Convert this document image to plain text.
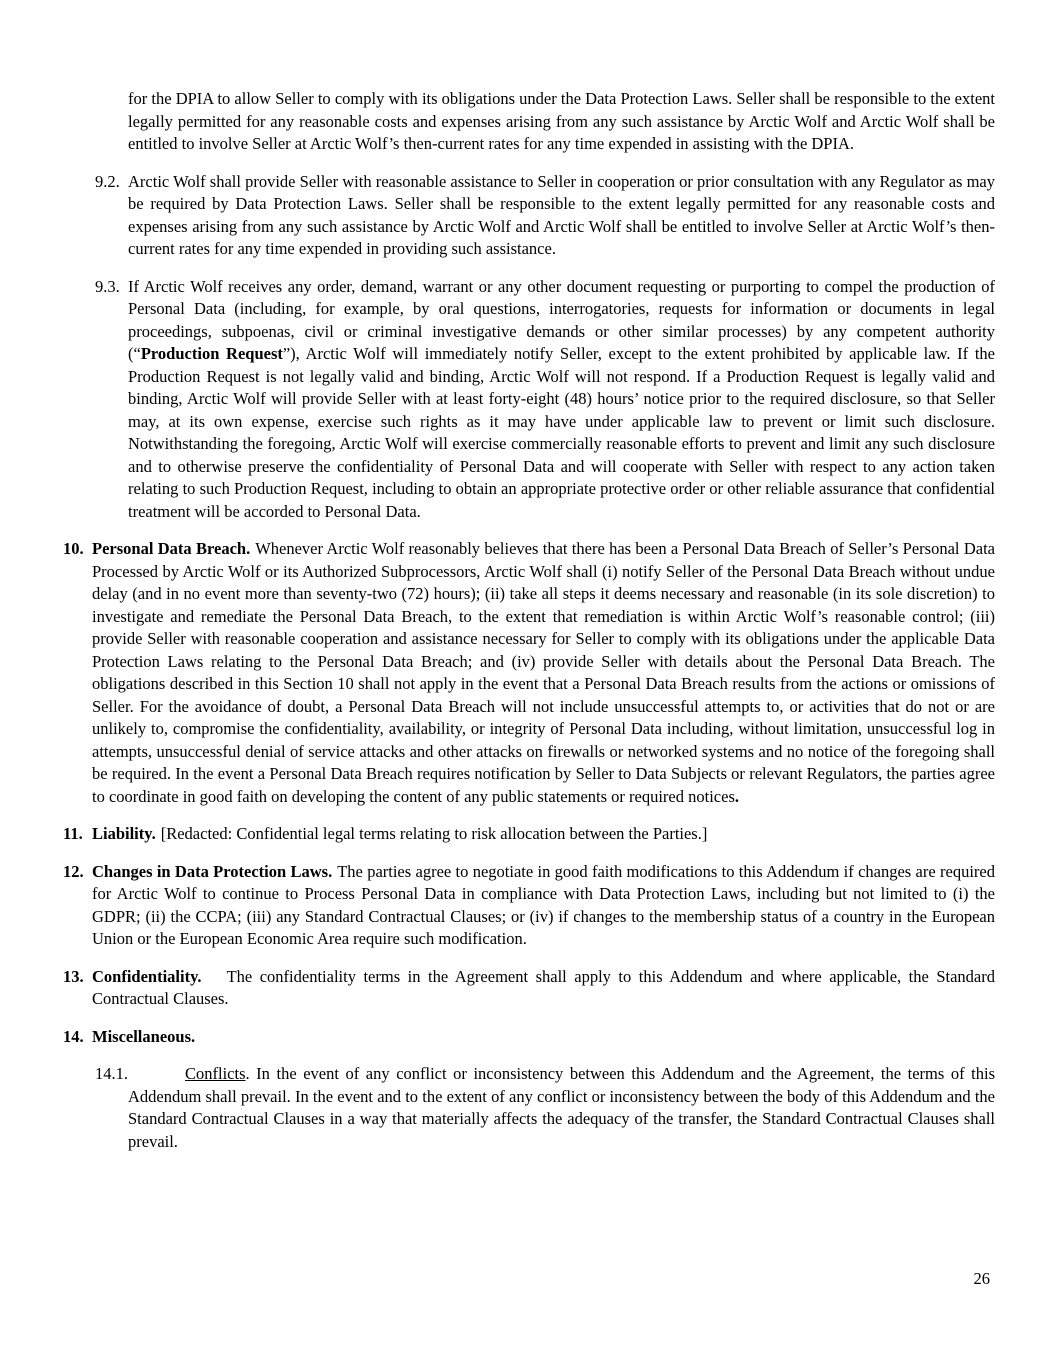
for the DPIA to allow Seller to comply with its obligations under the Data Protection Laws. Seller shall be responsible to the extent legally permitted for any reasonable costs and expenses arising from any such assistance by Arctic Wolf and Arctic Wolf shall be entitled to involve Seller at Arctic Wolf’s then-current rates for any time expended in assisting with the DPIA.

9.2. Arctic Wolf shall provide Seller with reasonable assistance to Seller in cooperation or prior consultation with any Regulator as may be required by Data Protection Laws. Seller shall be responsible to the extent legally permitted for any reasonable costs and expenses arising from any such assistance by Arctic Wolf and Arctic Wolf shall be entitled to involve Seller at Arctic Wolf’s then-current rates for any time expended in providing such assistance.

9.3. If Arctic Wolf receives any order, demand, warrant or any other document requesting or purporting to compel the production of Personal Data (including, for example, by oral questions, interrogatories, requests for information or documents in legal proceedings, subpoenas, civil or criminal investigative demands or other similar processes) by any competent authority (“Production Request”), Arctic Wolf will immediately notify Seller, except to the extent prohibited by applicable law. If the Production Request is not legally valid and binding, Arctic Wolf will not respond. If a Production Request is legally valid and binding, Arctic Wolf will provide Seller with at least forty-eight (48) hours’ notice prior to the required disclosure, so that Seller may, at its own expense, exercise such rights as it may have under applicable law to prevent or limit such disclosure. Notwithstanding the foregoing, Arctic Wolf will exercise commercially reasonable efforts to prevent and limit any such disclosure and to otherwise preserve the confidentiality of Personal Data and will cooperate with Seller with respect to any action taken relating to such Production Request, including to obtain an appropriate protective order or other reliable assurance that confidential treatment will be accorded to Personal Data.

10. Personal Data Breach. Whenever Arctic Wolf reasonably believes that there has been a Personal Data Breach of Seller’s Personal Data Processed by Arctic Wolf or its Authorized Subprocessors, Arctic Wolf shall (i) notify Seller of the Personal Data Breach without undue delay (and in no event more than seventy-two (72) hours); (ii) take all steps it deems necessary and reasonable (in its sole discretion) to investigate and remediate the Personal Data Breach, to the extent that remediation is within Arctic Wolf’s reasonable control; (iii) provide Seller with reasonable cooperation and assistance necessary for Seller to comply with its obligations under the applicable Data Protection Laws relating to the Personal Data Breach; and (iv) provide Seller with details about the Personal Data Breach. The obligations described in this Section 10 shall not apply in the event that a Personal Data Breach results from the actions or omissions of Seller. For the avoidance of doubt, a Personal Data Breach will not include unsuccessful attempts to, or activities that do not or are unlikely to, compromise the confidentiality, availability, or integrity of Personal Data including, without limitation, unsuccessful log in attempts, unsuccessful denial of service attacks and other attacks on firewalls or networked systems and no notice of the foregoing shall be required. In the event a Personal Data Breach requires notification by Seller to Data Subjects or relevant Regulators, the parties agree to coordinate in good faith on developing the content of any public statements or required notices.

11. Liability. [Redacted: Confidential legal terms relating to risk allocation between the Parties.]

12. Changes in Data Protection Laws. The parties agree to negotiate in good faith modifications to this Addendum if changes are required for Arctic Wolf to continue to Process Personal Data in compliance with Data Protection Laws, including but not limited to (i) the GDPR; (ii) the CCPA; (iii) any Standard Contractual Clauses; or (iv) if changes to the membership status of a country in the European Union or the European Economic Area require such modification.

13. Confidentiality. The confidentiality terms in the Agreement shall apply to this Addendum and where applicable, the Standard Contractual Clauses.

14. Miscellaneous.

14.1.	Conflicts. In the event of any conflict or inconsistency between this Addendum and the Agreement, the terms of this Addendum shall prevail. In the event and to the extent of any conflict or inconsistency between the body of this Addendum and the Standard Contractual Clauses in a way that materially affects the adequacy of the transfer, the Standard Contractual Clauses shall prevail.

26
